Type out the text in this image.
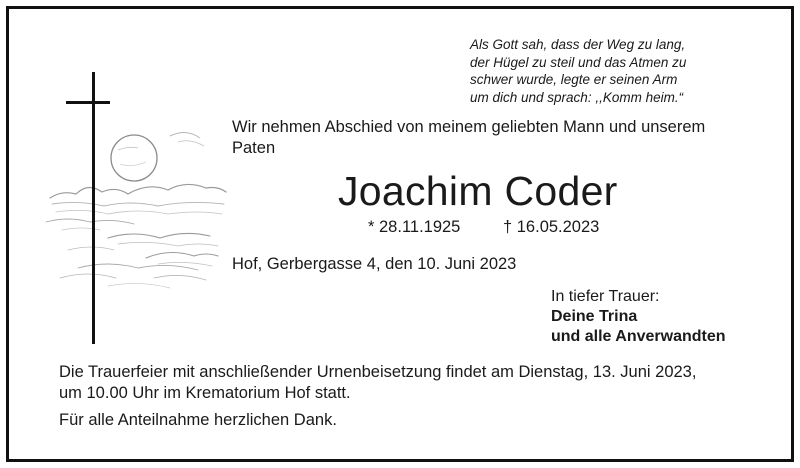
Als Gott sah, dass der Weg zu lang,
der Hügel zu steil und das Atmen zu
schwer wurde, legte er seinen Arm
um dich und sprach: ,,Komm heim.“
Wir nehmen Abschied von meinem geliebten Mann und unserem
Paten
Joachim Coder
* 28.11.1925	† 16.05.2023
Hof, Gerbergasse 4, den 10. Juni 2023
In tiefer Trauer:
Deine Trina
und alle Anverwandten
Die Trauerfeier mit anschließender Urnenbeisetzung findet am Dienstag, 13. Juni 2023,
um 10.00 Uhr im Krematorium Hof statt.
Für alle Anteilnahme herzlichen Dank.
